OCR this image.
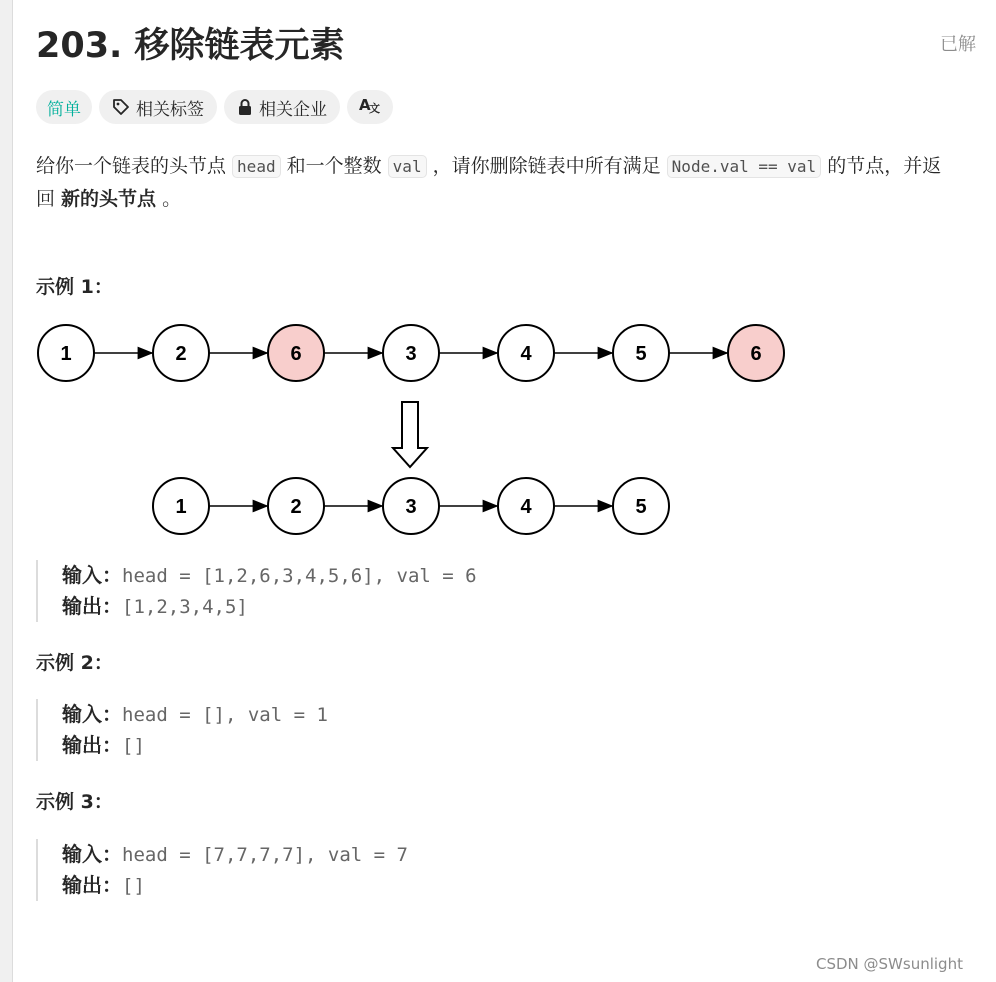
203. 移除链表元素	已解
简单	相关标签	相关企业 A
文
给你一个链表的头节点 head 和一个整数 val ，请你删除链表中所有满足 Node.val == val 的节点，并返
回 新的头节点 。
示例 1：
1	2	6	3	4	5	6
1	2	3	4	5
输入：head = [1,2,6,3,4,5,6], val = 6
输出：[1,2,3,4,5]
示例 2：
输入：head = [], val = 1
输出：[]
示例 3：
输入：head = [7,7,7,7], val = 7
输出：[]
CSDN @SWsunlight
